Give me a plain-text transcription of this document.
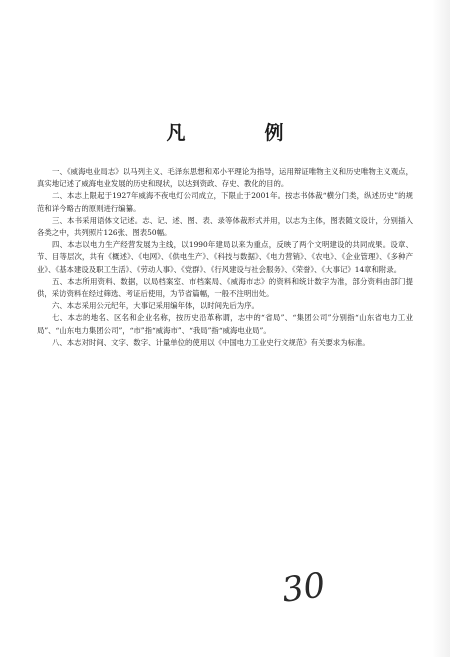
凡　例

一、《威海电业局志》以马列主义、毛泽东思想和邓小平理论为指导，运用辩证唯物主义和历史唯物主义观点，真实地记述了威海电业发展的历史和现状，以达到资政、存史、教化的目的。

二、本志上限起于1927年威海不夜电灯公司成立，下限止于2001年。按志书体裁“横分门类，纵述历史”的规范和详今略古的原则进行编纂。

三、本书采用语体文记述。志、记、述、图、表、录等体裁形式并用，以志为主体，图表随文设计，分别插入各类之中，共列照片126张、图表50幅。

四、本志以电力生产经营发展为主线，以1990年建局以来为重点，反映了两个文明建设的共同成果。设章、节、目等层次，共有《概述》、《电网》、《供电生产》、《科技与数据》、《电力营销》、《农电》、《企业管理》、《多种产业》、《基本建设及职工生活》、《劳动人事》、《党群》、《行风建设与社会服务》、《荣誉》、《大事记》14章和附录。

五、本志所用资料、数据，以局档案室、市档案局、《威海市志》的资料和统计数字为准，部分资料由部门提供，采访资料在经过筛选、考证后使用，为节省篇幅，一般不注明出处。

六、本志采用公元纪年，大事记采用编年体，以时间先后为序。

七、本志的地名、区名和企业名称，按历史沿革称谓，志中的“省局”、“集团公司”分别指“山东省电力工业局”、“山东电力集团公司”，“市”指“威海市”、“我局”指“威海电业局”。

八、本志对时间、文字、数字、计量单位的使用以《中国电力工业史行文规范》有关要求为标准。

30
